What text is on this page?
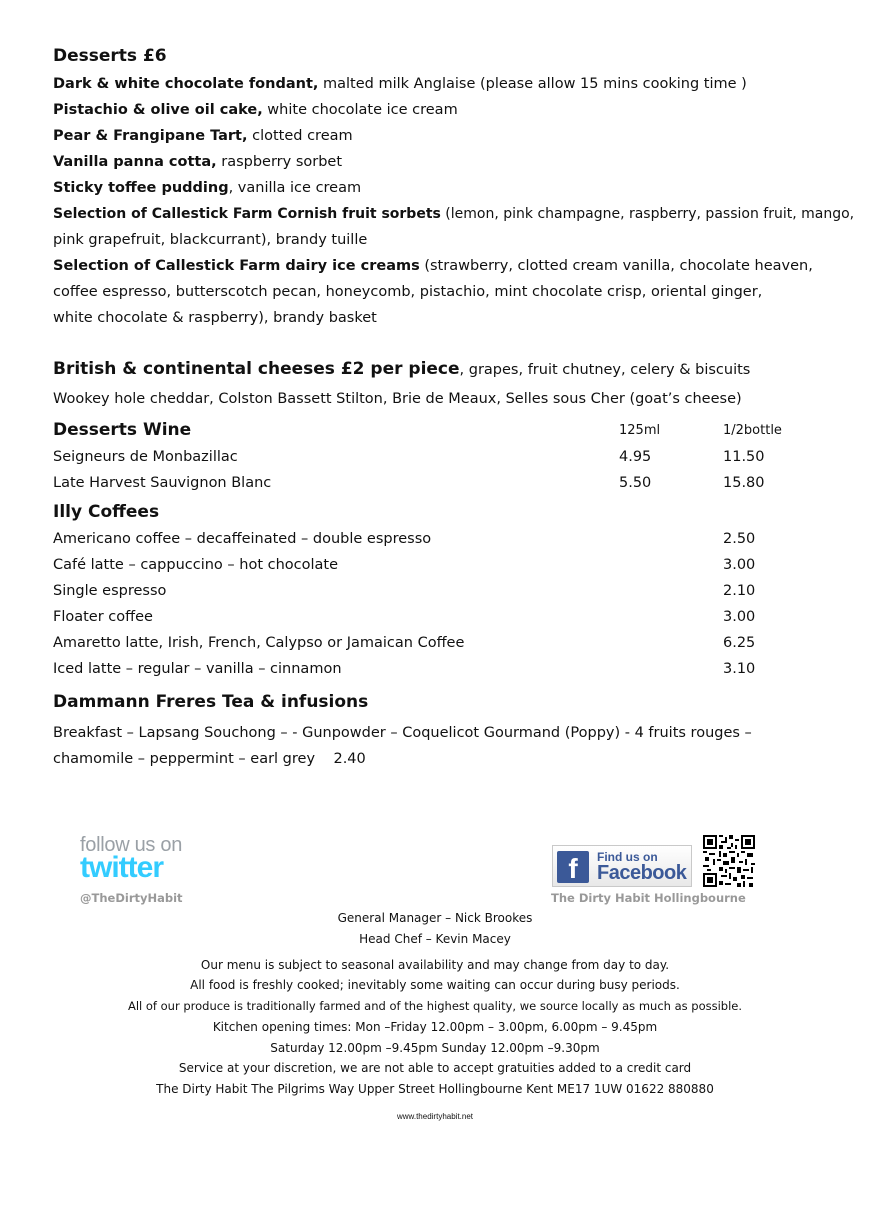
Desserts £6
Dark & white chocolate fondant, malted milk Anglaise (please allow 15 mins cooking time )
Pistachio & olive oil cake, white chocolate ice cream
Pear & Frangipane Tart, clotted cream
Vanilla panna cotta, raspberry sorbet
Sticky toffee pudding, vanilla ice cream
Selection of Callestick Farm Cornish fruit sorbets (lemon, pink champagne, raspberry, passion fruit, mango,
pink grapefruit, blackcurrant), brandy tuille
Selection of Callestick Farm dairy ice creams (strawberry, clotted cream vanilla, chocolate heaven,
coffee espresso, butterscotch pecan, honeycomb, pistachio, mint chocolate crisp, oriental ginger,
white chocolate & raspberry), brandy basket
British & continental cheeses £2 per piece, grapes, fruit chutney, celery & biscuits
Wookey hole cheddar, Colston Bassett Stilton, Brie de Meaux, Selles sous Cher (goat’s cheese)
Desserts Wine	125ml	1/2bottle
Seigneurs de Monbazillac	4.95	11.50
Late Harvest Sauvignon Blanc	5.50	15.80
Illy Coffees
Americano coffee – decaffeinated – double espresso	2.50
Café latte – cappuccino – hot chocolate	3.00
Single espresso	2.10
Floater coffee	3.00
Amaretto latte, Irish, French, Calypso or Jamaican Coffee	6.25
Iced latte – regular – vanilla – cinnamon	3.10
Dammann Freres Tea & infusions
Breakfast – Lapsang Souchong – - Gunpowder – Coquelicot Gourmand (Poppy) - 4 fruits rouges –
chamomile – peppermint – earl grey    2.40
follow us on
twitter
@TheDirtyHabit
f	Find us on
Facebook
The Dirty Habit Hollingbourne
General Manager – Nick Brookes
Head Chef – Kevin Macey
Our menu is subject to seasonal availability and may change from day to day.
All food is freshly cooked; inevitably some waiting can occur during busy periods.
All of our produce is traditionally farmed and of the highest quality, we source locally as much as possible.
Kitchen opening times: Mon –Friday 12.00pm – 3.00pm, 6.00pm – 9.45pm
Saturday 12.00pm –9.45pm Sunday 12.00pm –9.30pm
Service at your discretion, we are not able to accept gratuities added to a credit card
The Dirty Habit The Pilgrims Way Upper Street Hollingbourne Kent ME17 1UW 01622 880880
www.thedirtyhabit.net
